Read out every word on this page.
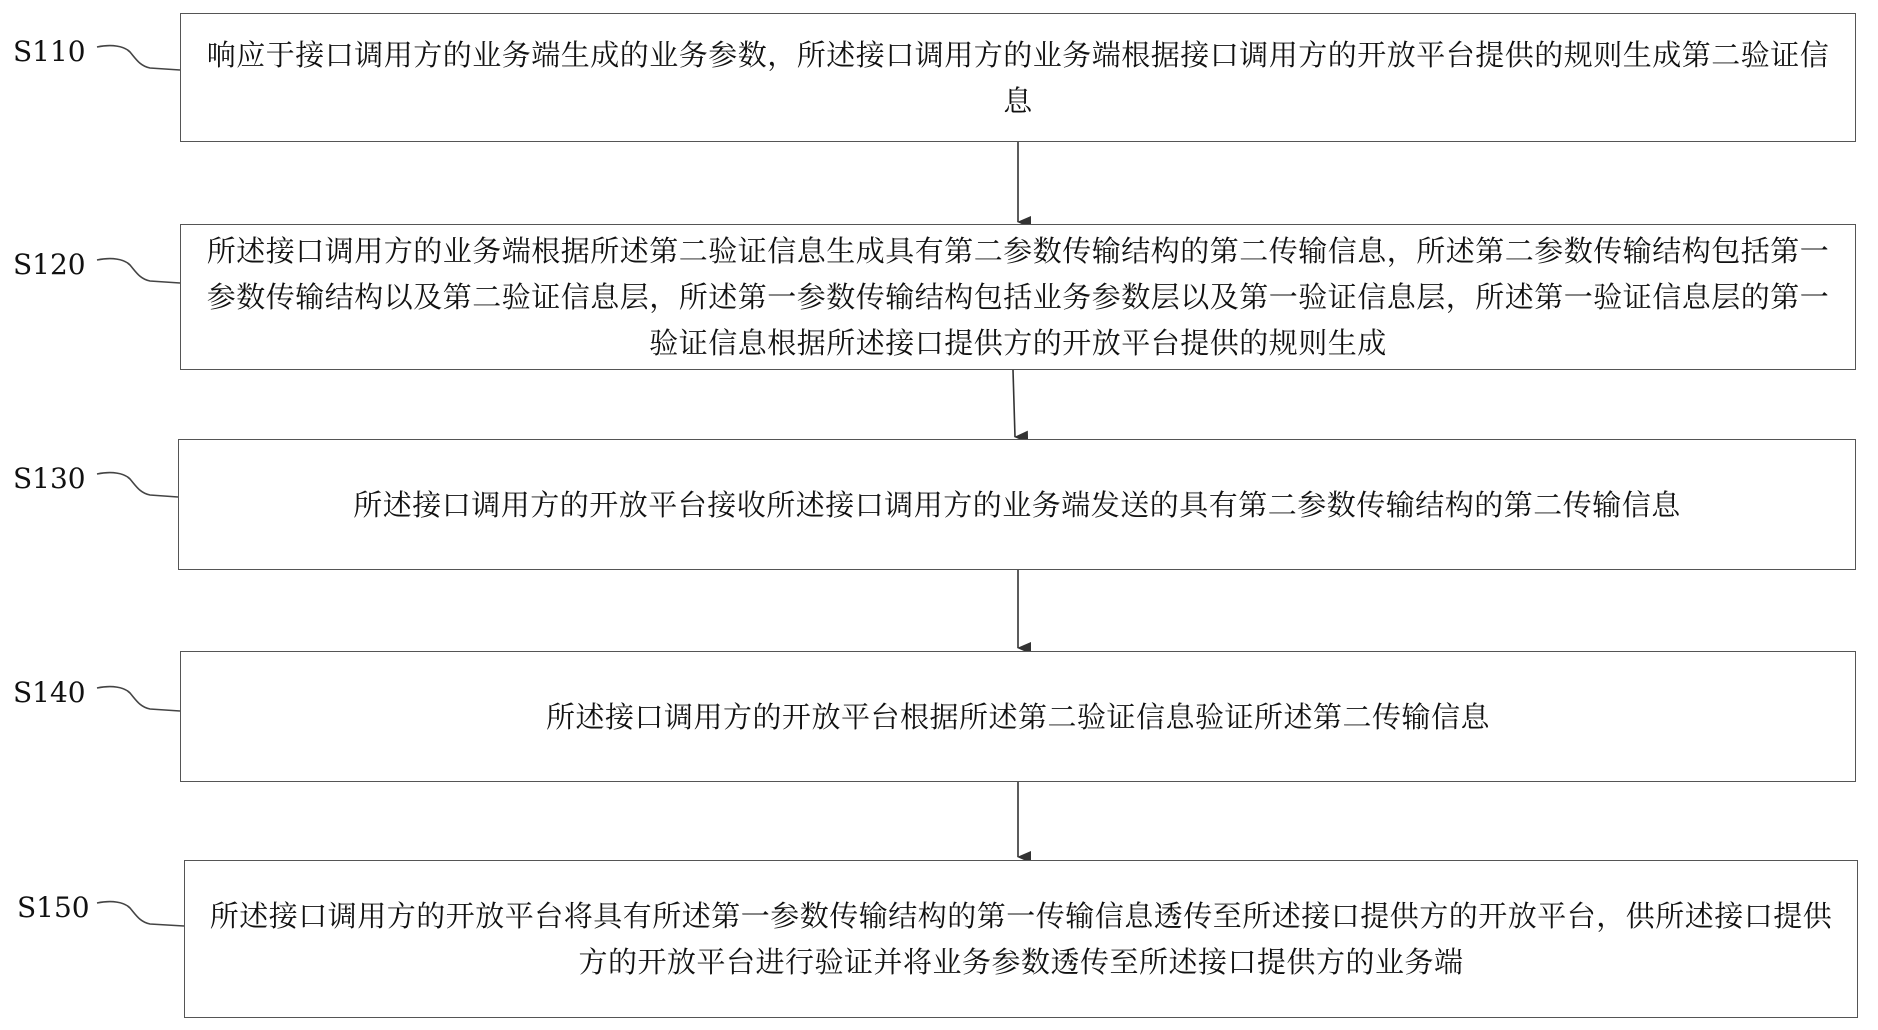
S110
S120
S130
S140
S150
响应于接口调用方的业务端生成的业务参数，所述接口调用方的业务端根据接口调用方的开放平台提供的规则生成第二验证信息
所述接口调用方的业务端根据所述第二验证信息生成具有第二参数传输结构的第二传输信息，所述第二参数传输结构包括第一参数传输结构以及第二验证信息层，所述第一参数传输结构包括业务参数层以及第一验证信息层，所述第一验证信息层的第一验证信息根据所述接口提供方的开放平台提供的规则生成
所述接口调用方的开放平台接收所述接口调用方的业务端发送的具有第二参数传输结构的第二传输信息
所述接口调用方的开放平台根据所述第二验证信息验证所述第二传输信息
所述接口调用方的开放平台将具有所述第一参数传输结构的第一传输信息透传至所述接口提供方的开放平台，供所述接口提供方的开放平台进行验证并将业务参数透传至所述接口提供方的业务端
